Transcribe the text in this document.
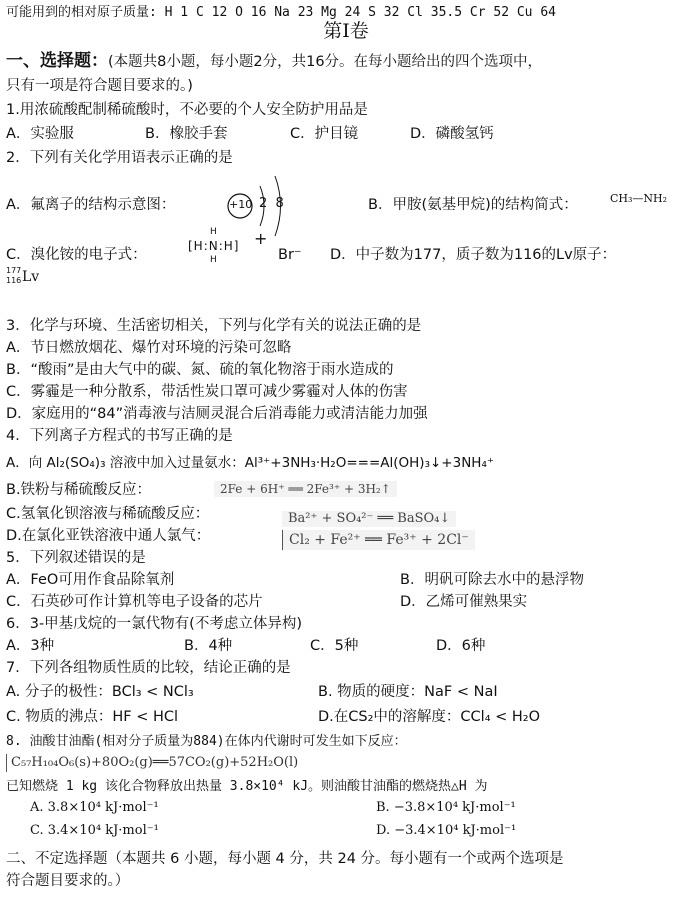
可能用到的相对原子质量: H 1 C 12 O 16 Na 23 Mg 24 S 32 Cl 35.5 Cr 52 Cu 64
第Ⅰ卷
一、选择题：(本题共8小题，每小题2分，共16分。在每小题给出的四个选项中，
只有一项是符合题目要求的。)
1.用浓硫酸配制稀硫酸时，不必要的个人安全防护用品是
A．实验服	B．橡胶手套	C．护目镜	D．磷酸氢钙
2．下列有关化学用语表示正确的是
A．氟离子的结构示意图：	+10 2  8	B．甲胺(氨基甲烷)的结构简式：	CH₃—NH₂
C．溴化铵的电子式：
[H:N:H]
H
H
+
Br⁻ D．中子数为177，质子数为116的Lv原子：
177
116 Lv
3．化学与环境、生活密切相关，下列与化学有关的说法正确的是
A．节日燃放烟花、爆竹对环境的污染可忽略
B．“酸雨”是由大气中的碳、氮、硫的氧化物溶于雨水造成的
C．雾霾是一种分散系，带活性炭口罩可减少雾霾对人体的伤害
D．家庭用的“84”消毒液与洁厕灵混合后消毒能力或清洁能力加强
4．下列离子方程式的书写正确的是
A．向 Al₂(SO₄)₃ 溶液中加入过量氨水：Al³⁺+3NH₃·H₂O===Al(OH)₃↓+3NH₄⁺
B.铁粉与稀硫酸反应：	2Fe + 6H⁺ ══ 2Fe³⁺ + 3H₂↑
C.氢氧化钡溶液与稀硫酸反应：	Ba²⁺ + SO₄²⁻ ══ BaSO₄↓
D.在氯化亚铁溶液中通人氯气：	Cl₂ + Fe²⁺ ══ Fe³⁺ + 2Cl⁻
5．下列叙述错误的是
A．FeO可用作食品除氧剂	B．明矾可除去水中的悬浮物
C．石英砂可作计算机等电子设备的芯片	D．乙烯可催熟果实
6．3-甲基戊烷的一氯代物有(不考虑立体异构)
A．3种	B．4种	C．5种	D．6种
7．下列各组物质性质的比较，结论正确的是
A. 分子的极性：BCl₃ < NCl₃	B. 物质的硬度：NaF < NaI
C. 物质的沸点：HF < HCl	D.在CS₂中的溶解度：CCl₄ < H₂O
8. 油酸甘油酯(相对分子质量为884)在体内代谢时可发生如下反应：
C₅₇H₁₀₄O₆(s)+80O₂(g)══57CO₂(g)+52H₂O(l)
已知燃烧 1 kg 该化合物释放出热量 3.8×10⁴ kJ。则油酸甘油酯的燃烧热△H 为
A. 3.8×10⁴ kJ·mol⁻¹	B. −3.8×10⁴ kJ·mol⁻¹
C. 3.4×10⁴ kJ·mol⁻¹	D. −3.4×10⁴ kJ·mol⁻¹
二、不定选择题（本题共 6 小题，每小题 4 分，共 24 分。每小题有一个或两个选项是
符合题目要求的。）
